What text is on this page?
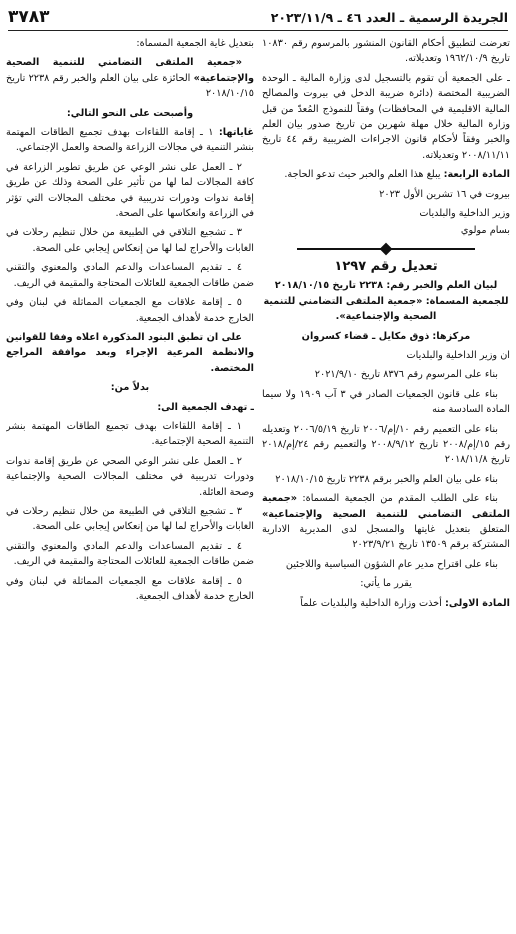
الجريدة الرسمية ـ العدد ٤٦ ـ ٢٠٢٣/١١/٩
٣٧٨٣

تعرضت لتطبيق أحكام القانون المنشور بالمرسوم رقم ١٠٨٣٠ تاريخ ١٩٦٢/١٠/٩ وتعديلاته.

ـ على الجمعية أن تقوم بالتسجيل لدى وزارة المالية ـ الوحدة الضريبية المختصة (دائرة ضريبة الدخل في بيروت والمصالح المالية الاقليمية في المحافظات) وفقاً للنموذج المُعدّ من قبل وزارة المالية خلال مهلة شهرين من تاريخ صدور بيان العلم والخبر وفقاً لأحكام قانون الاجراءات الضريبية رقم ٤٤ تاريخ ٢٠٠٨/١١/١١ وتعديلاته.

المادة الرابعة: يبلغ هذا العلم والخبر حيث تدعو الحاجة.

بيروت في ١٦ تشرين الأول ٢٠٢٣

وزير الداخلية والبلديات

بسام مولوي

تعديل رقم ١٢٩٧

لبيان العلم والخبر رقم: ٢٢٣٨ تاريخ ٢٠١٨/١٠/١٥ للجمعية المسماة: «جمعية الملتقى التضامني للتنمية الصحية والإجتماعية».

مركزها: ذوق مكايل ـ قضاء كسروان

ان وزير الداخلية والبلديات

بناء على المرسوم رقم ٨٣٧٦ تاريخ ٢٠٢١/٩/١٠

بناء على قانون الجمعيات الصادر في ٣ آب ١٩٠٩ ولا سيما المادة السادسة منه

بناء على التعميم رقم ١٠/إم/٢٠٠٦ تاريخ ٢٠٠٦/٥/١٩ وتعديله رقم ١٥/إم/٢٠٠٨ تاريخ ٢٠٠٨/٩/١٢ والتعميم رقم ٢٤/إم/٢٠١٨ تاريخ ٢٠١٨/١١/٨

بناء على بيان العلم والخبر برقم ٢٢٣٨ تاريخ ٢٠١٨/١٠/١٥

بناء على الطلب المقدم من الجمعية المسماة: «جمعية الملتقى التضامني للتنمية الصحية والإجتماعية» المتعلق بتعديل غايتها والمسجل لدى المديرية الادارية المشتركة برقم ١٣٥٠٩ تاريخ ٢٠٢٣/٩/٢١

بناء على اقتراح مدير عام الشؤون السياسية واللاجئين

يقرر ما يأتي:

المادة الاولى: أخذت وزارة الداخلية والبلديات علماً

بتعديل غاية الجمعية المسماة:

«جمعية الملتقى التضامني للتنمية الصحية والإجتماعية» الحائزة على بيان العلم والخبر رقم ٢٢٣٨ تاريخ ٢٠١٨/١٠/١٥

وأصبحت على النحو التالي:

غاياتها: ١ ـ إقامة اللقاءات بهدف تجميع الطاقات المهتمة بنشر التنمية في مجالات الزراعة والصحة والعمل الإجتماعي.

٢ ـ العمل على نشر الوعي عن طريق تطوير الزراعة في كافة المجالات لما لها من تأثير على الصحة وذلك عن طريق إقامة ندوات ودورات تدريبية في مختلف المجالات التي تؤثر في الزراعة وانعكاسها على الصحة.

٣ ـ تشجيع التلاقي في الطبيعة من خلال تنظيم رحلات في الغابات والأحراج لما لها من إنعكاس إيجابي على الصحة.

٤ ـ تقديم المساعدات والدعم المادي والمعنوي والتقني ضمن طاقات الجمعية للعائلات المحتاجة والمقيمة في الريف.

٥ ـ إقامة علاقات مع الجمعيات المماثلة في لبنان وفي الخارج خدمة لأهداف الجمعية.

على ان تطبق البنود المذكورة اعلاه وفقا للقوانين والانظمة المرعية الإجراء وبعد موافقة المراجع المختصة.

بدلاً من:

ـ تهدف الجمعية الى:

١ ـ إقامة اللقاءات بهدف تجميع الطاقات المهتمة بنشر التنمية الصحية الإجتماعية.

٢ ـ العمل على نشر الوعي الصحي عن طريق إقامة ندوات ودورات تدريبية في مختلف المجالات الصحية والإجتماعية وصحة العائلة.

٣ ـ تشجيع التلاقي في الطبيعة من خلال تنظيم رحلات في الغابات والأحراج لما لها من إنعكاس إيجابي على الصحة.

٤ ـ تقديم المساعدات والدعم المادي والمعنوي والتقني ضمن طاقات الجمعية للعائلات المحتاجة والمقيمة في الريف.

٥ ـ إقامة علاقات مع الجمعيات المماثلة في لبنان وفي الخارج خدمة لأهداف الجمعية.
